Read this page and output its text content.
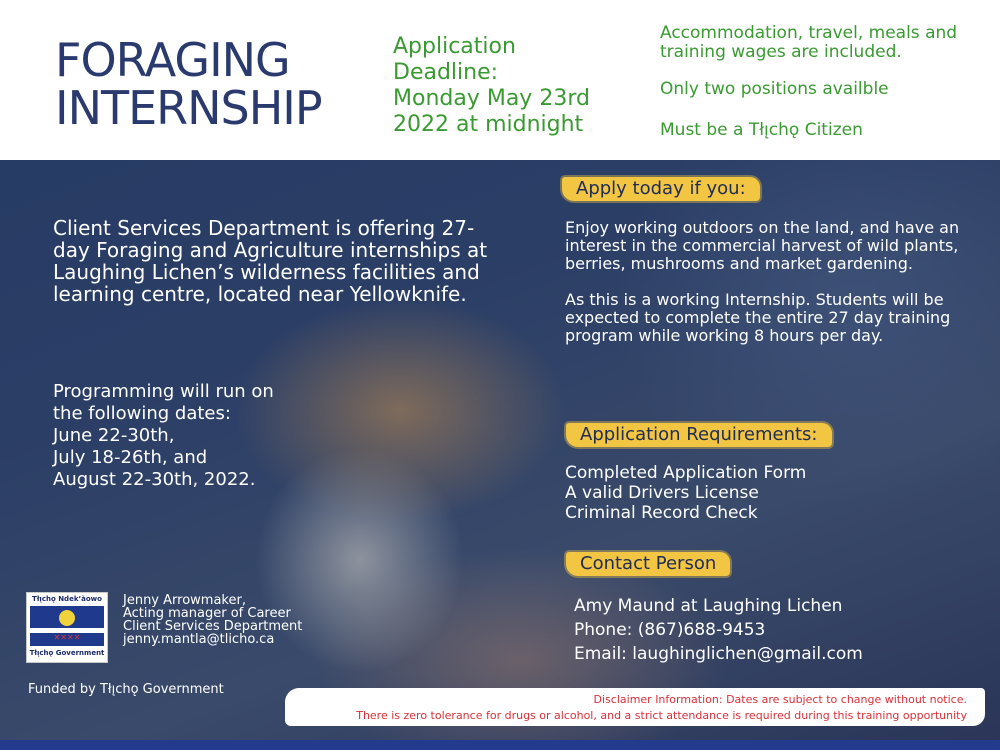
FORAGING
INTERNSHIP
Application
Deadline:
Monday May 23rd
2022 at midnight
Accommodation, travel, meals and training wages are included.
Only two positions availble
Must be a Tłı̨chǫ Citizen

Client Services Department is offering 27-day Foraging and Agriculture internships at Laughing Lichen’s wilderness facilities and learning centre, located near Yellowknife.

Programming will run on
the following dates:
June 22-30th,
July 18-26th, and
August 22-30th, 2022.
Apply today if you:
Enjoy working outdoors on the land, and have an interest in the commercial harvest of wild plants, berries, mushrooms and market gardening.
As this is a working Internship. Students will be expected to complete the entire 27 day training program while working 8 hours per day.
Application Requirements:
Completed Application Form
A valid Drivers License
Criminal Record Check
Contact Person
Amy Maund at Laughing Lichen
Phone: (867)688-9453
Email: laughinglichen@gmail.com
Tłı̨chǫ Ndek’àowo
✕✕✕✕
Tłı̨chǫ Government
Jenny Arrowmaker,
Acting manager of Career
Client Services Department
jenny.mantla@tlicho.ca
Funded by Tłı̨chǫ Government
Disclaimer Information: Dates are subject to change without notice.
There is zero tolerance for drugs or alcohol, and a strict attendance is required during this training opportunity
